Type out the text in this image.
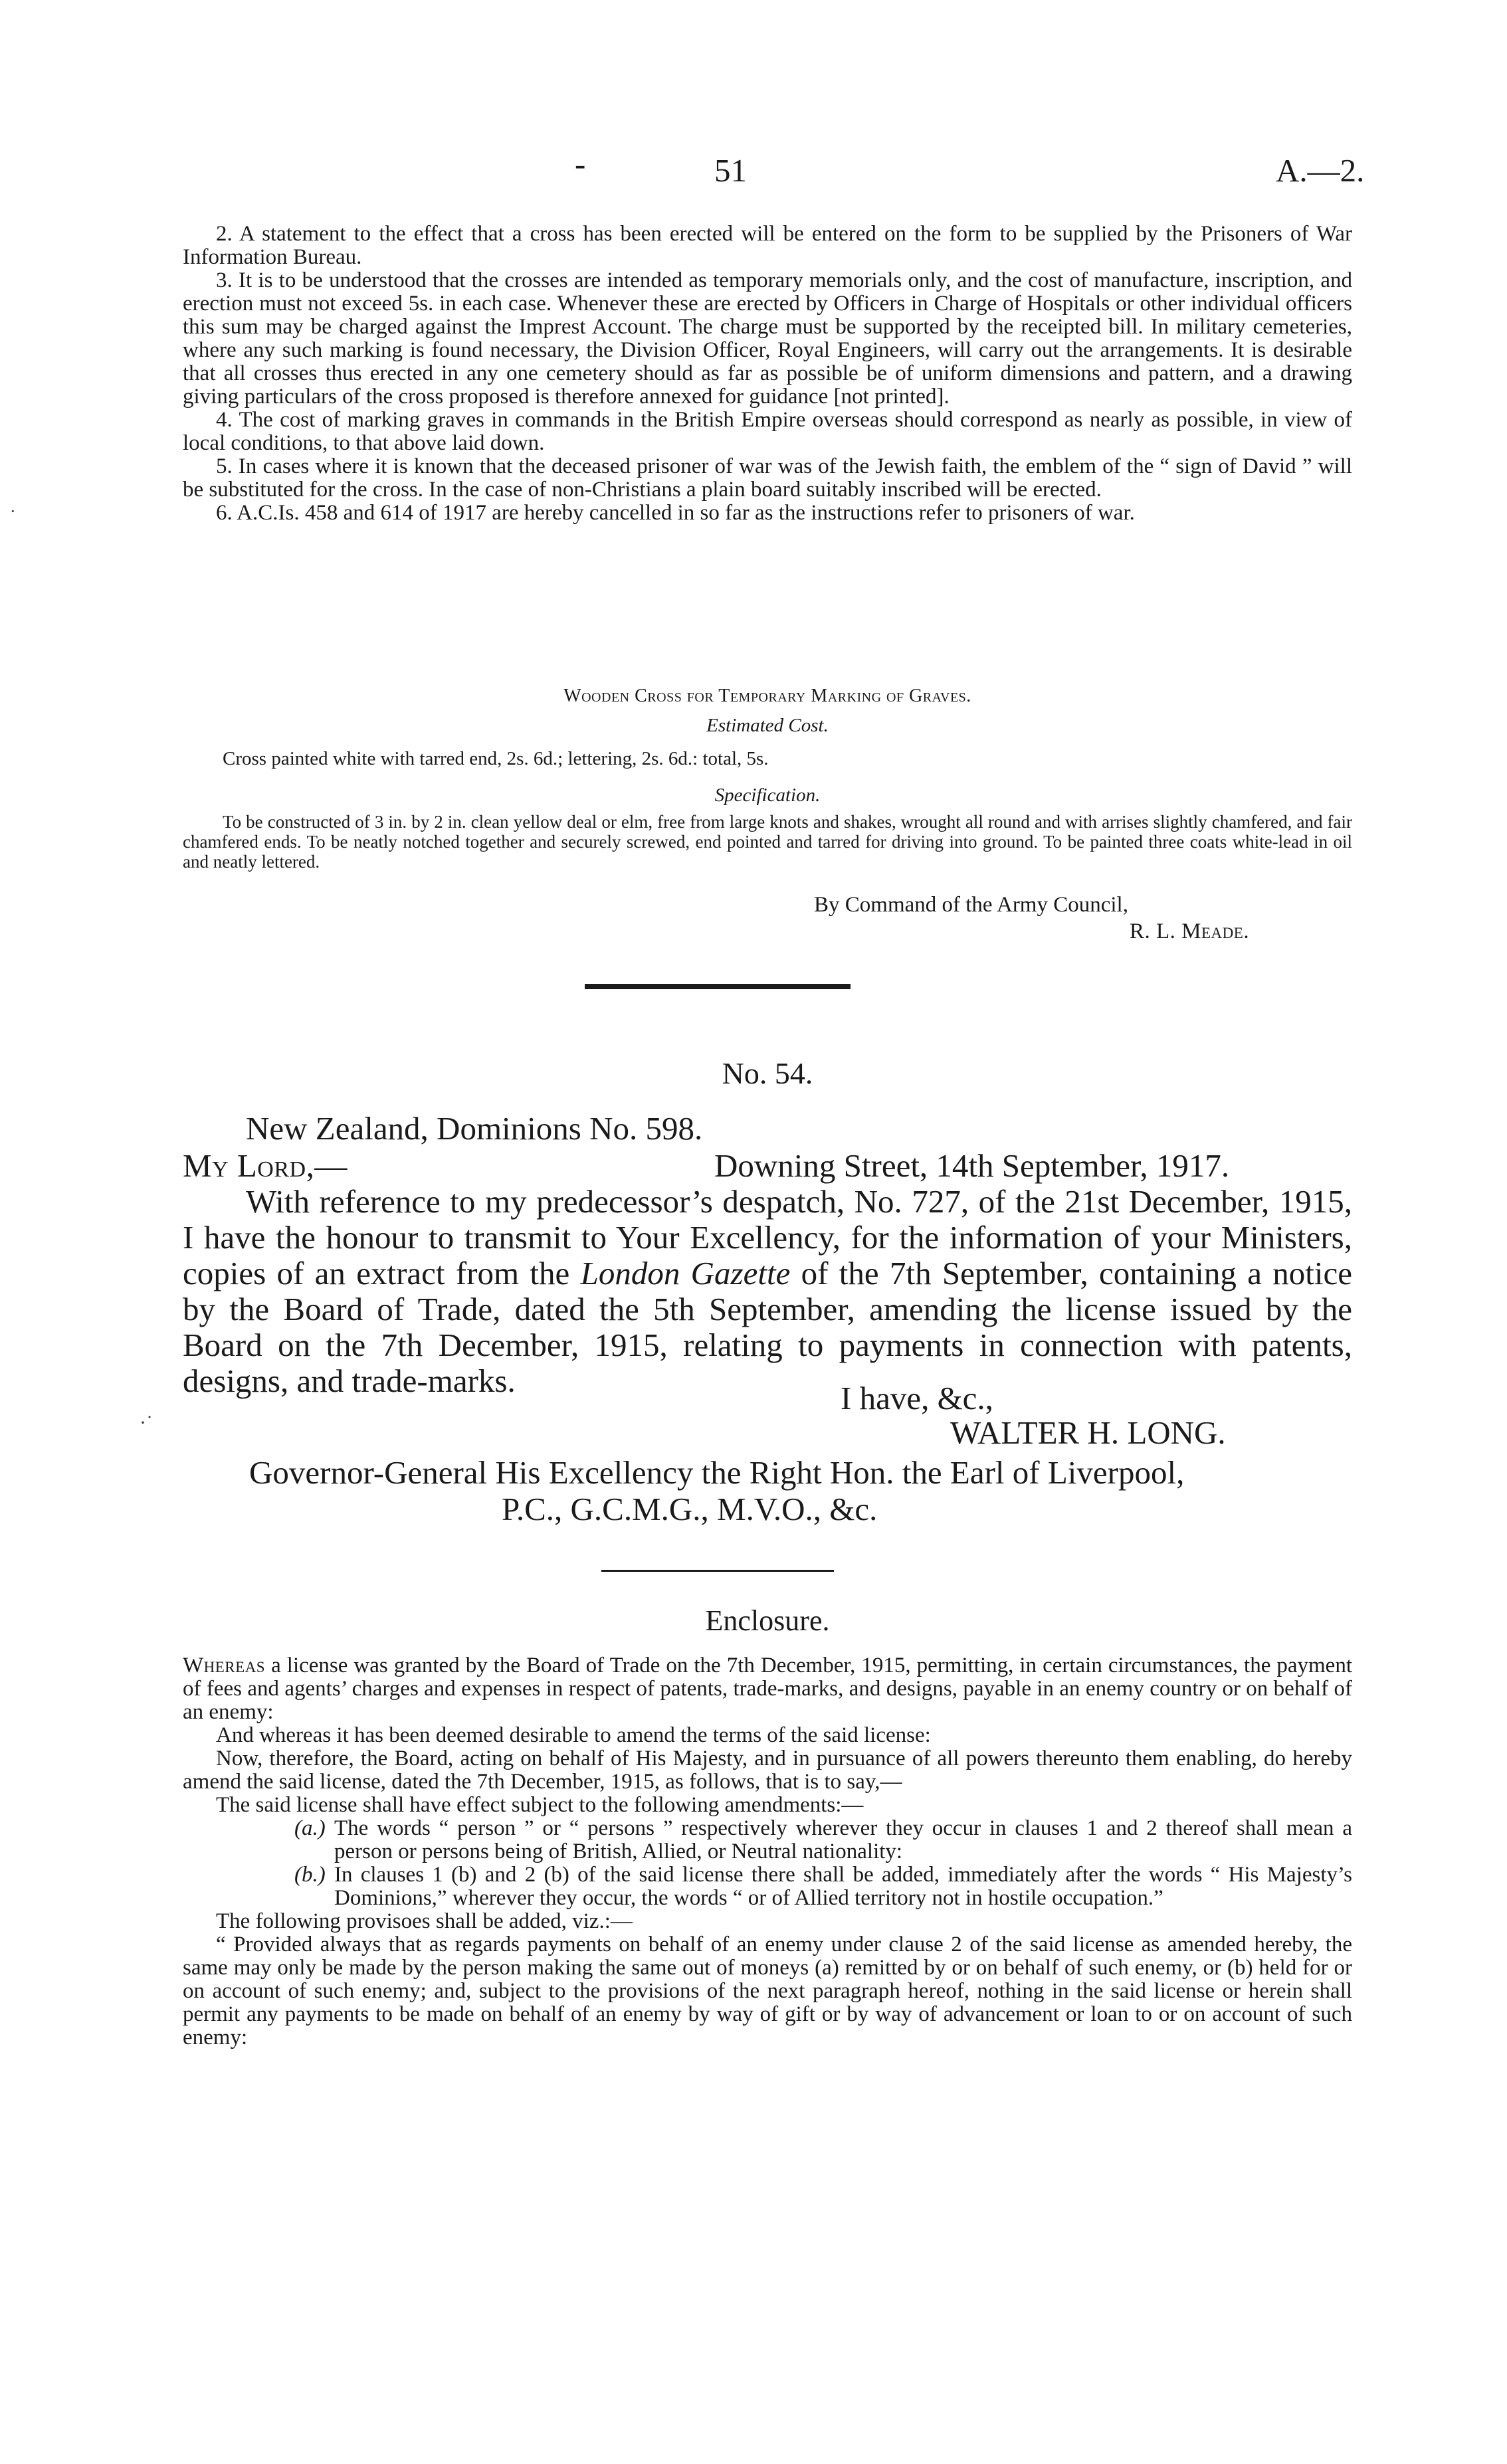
-	51	A.—2.

2. A statement to the effect that a cross has been erected will be entered on the form to be supplied by the Prisoners of War Information Bureau.

3. It is to be understood that the crosses are intended as temporary memorials only, and the cost of manufacture, inscription, and erection must not exceed 5s. in each case. Whenever these are erected by Officers in Charge of Hospitals or other individual officers this sum may be charged against the Imprest Account. The charge must be supported by the receipted bill. In military cemeteries, where any such marking is found necessary, the Division Officer, Royal Engineers, will carry out the arrangements. It is desirable that all crosses thus erected in any one cemetery should as far as possible be of uniform dimensions and pattern, and a drawing giving particulars of the cross proposed is therefore annexed for guidance [not printed].

4. The cost of marking graves in commands in the British Empire overseas should correspond as nearly as possible, in view of local conditions, to that above laid down.

5. In cases where it is known that the deceased prisoner of war was of the Jewish faith, the emblem of the “ sign of David ” will be substituted for the cross. In the case of non-Christians a plain board suitably inscribed will be erected.

6. A.C.Is. 458 and 614 of 1917 are hereby cancelled in so far as the instructions refer to prisoners of war.

Wooden Cross for Temporary Marking of Graves.
Estimated Cost.
Cross painted white with tarred end, 2s. 6d.; lettering, 2s. 6d.: total, 5s.
Specification.
To be constructed of 3 in. by 2 in. clean yellow deal or elm, free from large knots and shakes, wrought all round and with arrises slightly chamfered, and fair chamfered ends. To be neatly notched together and securely screwed, end pointed and tarred for driving into ground. To be painted three coats white-lead in oil and neatly lettered.
By Command of the Army Council,
R. L. Meade.
No. 54.
New Zealand, Dominions No. 598.
My Lord,—	Downing Street, 14th September, 1917.
With reference to my predecessor’s despatch, No. 727, of the 21st December, 1915, I have the honour to transmit to Your Excellency, for the information of your Ministers, copies of an extract from the London Gazette of the 7th September, containing a notice by the Board of Trade, dated the 5th September, amending the license issued by the Board on the 7th December, 1915, relating to payments in connection with patents, designs, and trade-marks.	I have, &c.,
·˙	WALTER H. LONG.
Governor-General His Excellency the Right Hon. the Earl of Liverpool,
P.C., G.C.M.G., M.V.O., &c.
Enclosure.

Whereas a license was granted by the Board of Trade on the 7th December, 1915, permitting, in certain circumstances, the payment of fees and agents’ charges and expenses in respect of patents, trade-marks, and designs, payable in an enemy country or on behalf of an enemy:

And whereas it has been deemed desirable to amend the terms of the said license:

Now, therefore, the Board, acting on behalf of His Majesty, and in pursuance of all powers thereunto them enabling, do hereby amend the said license, dated the 7th December, 1915, as follows, that is to say,—

The said license shall have effect subject to the following amendments:—

(a.) The words “ person ” or “ persons ” respectively wherever they occur in clauses 1 and 2 thereof shall mean a person or persons being of British, Allied, or Neutral nationality:
(b.) In clauses 1 (b) and 2 (b) of the said license there shall be added, immediately after the words “ His Majesty’s Dominions,” wherever they occur, the words “ or of Allied territory not in hostile occupation.”

The following provisoes shall be added, viz.:—

“ Provided always that as regards payments on behalf of an enemy under clause 2 of the said license as amended hereby, the same may only be made by the person making the same out of moneys (a) remitted by or on behalf of such enemy, or (b) held for or on account of such enemy; and, subject to the provisions of the next paragraph hereof, nothing in the said license or herein shall permit any payments to be made on behalf of an enemy by way of gift or by way of advancement or loan to or on account of such enemy:

·
